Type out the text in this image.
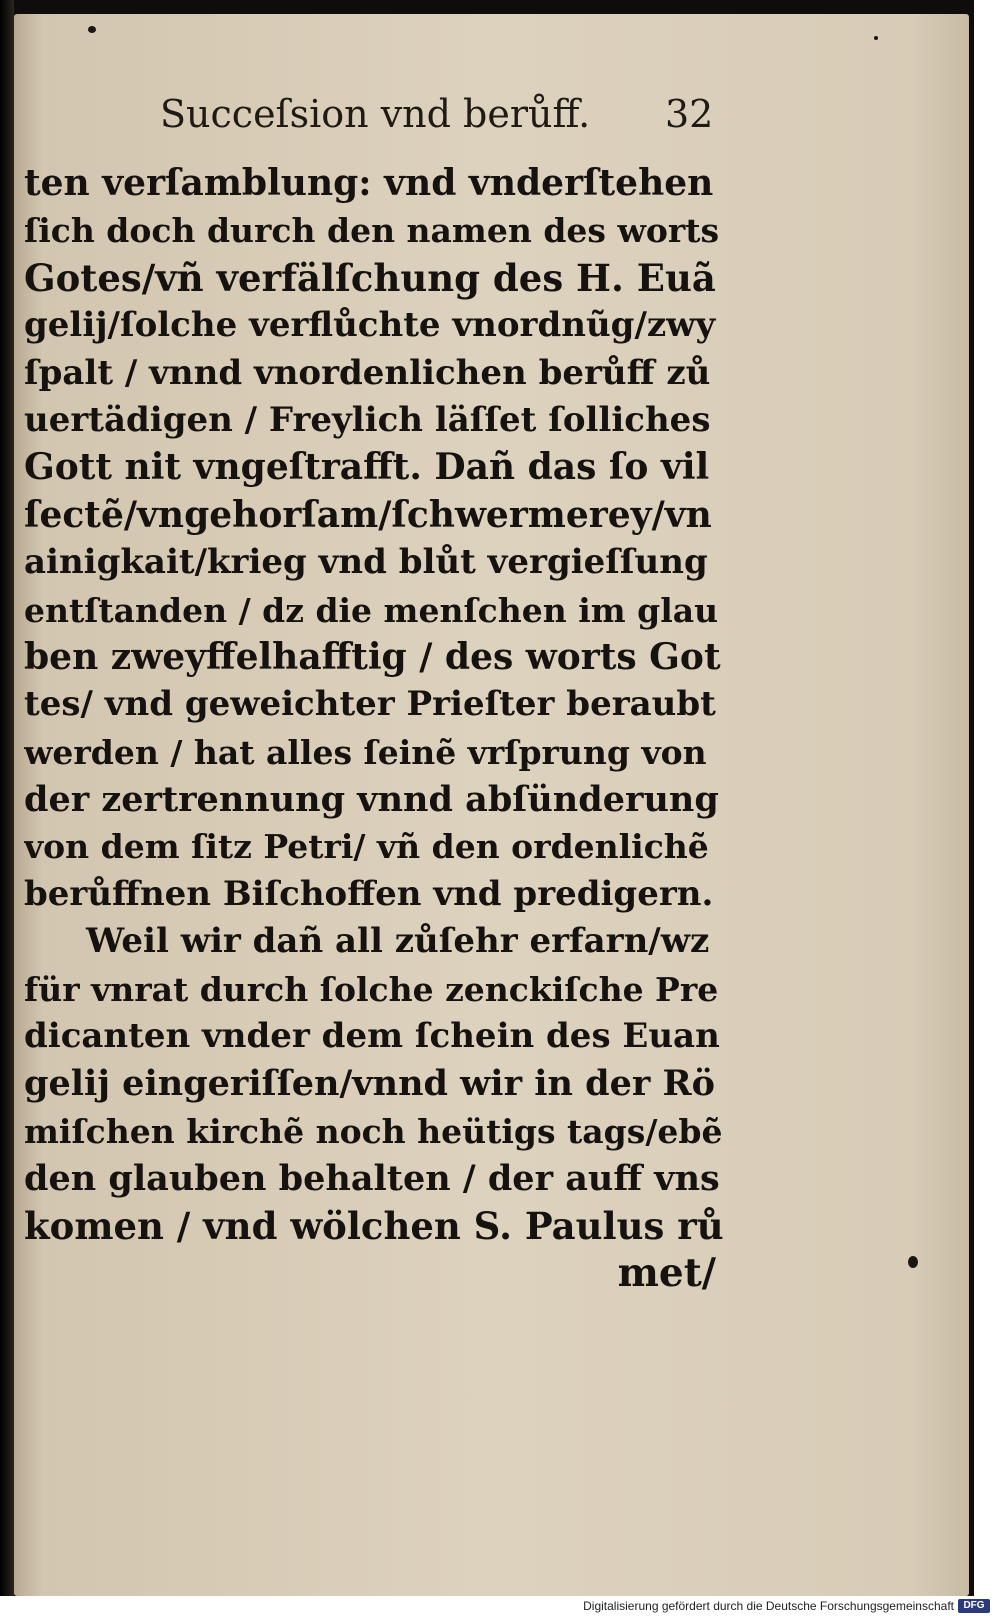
Succeſsion vnd berůff. 32
ten verſamblung: vnd vnderſtehen
ſich doch durch den namen des worts
Gotes/vñ verfälſchung des H. Euã
gelij/ſolche verflůchte vnordnũg/zwy
ſpalt / vnnd vnordenlichen berůff zů
uertädigen / Freylich läſſet ſolliches
Gott nit vngeſtrafft. Dañ das ſo vil
ſectẽ/vngehorſam/ſchwermerey/vn
ainigkait/krieg vnd blůt vergieſſung
entſtanden / dz die menſchen im glau
ben zweyffelhafftig / des worts Got
tes/ vnd geweichter Prieſter beraubt
werden / hat alles ſeinẽ vrſprung von
der zertrennung vnnd abſünderung
von dem ſitz Petri/ vñ den ordenlichẽ
berůffnen Biſchoffen vnd predigern.
Weil wir dañ all zůſehr erfarn/wz
für vnrat durch ſolche zenckiſche Pre
dicanten vnder dem ſchein des Euan
gelij eingeriſſen/vnnd wir in der Rö
miſchen kirchẽ noch heütigs tags/ebẽ
den glauben behalten / der auff vns
komen / vnd wölchen S. Paulus rů
met/
Digitalisierung gefördert durch die Deutsche Forschungsgemeinschaft DFG
